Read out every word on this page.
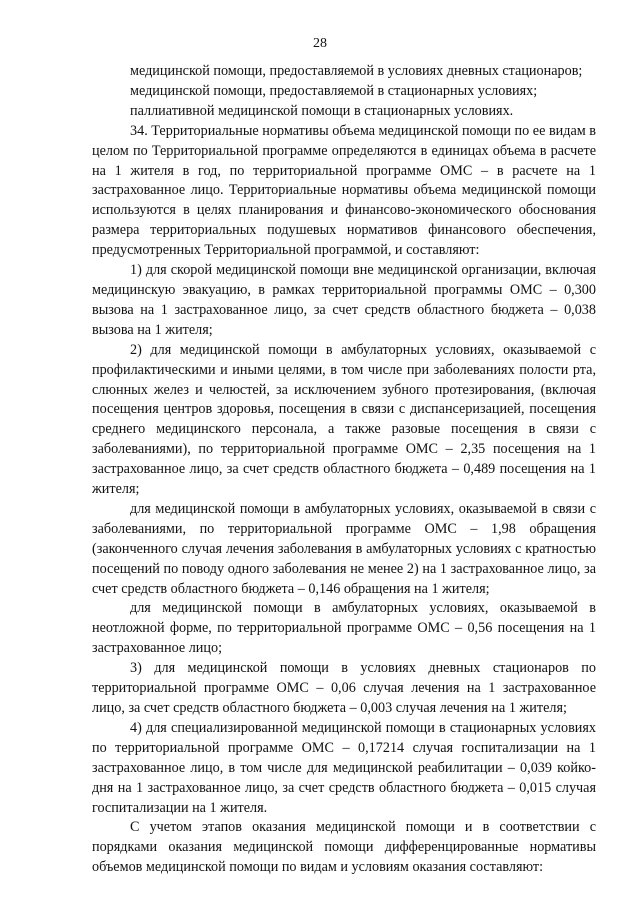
28

медицинской помощи, предоставляемой в условиях дневных стационаров;

медицинской помощи, предоставляемой в стационарных условиях;

паллиативной медицинской помощи в стационарных условиях.

34. Территориальные нормативы объема медицинской помощи по ее видам в целом по Территориальной программе определяются в единицах объема в расчете на 1 жителя в год, по территориальной программе ОМС – в расчете на 1 застрахованное лицо. Территориальные нормативы объема медицинской помощи используются в целях планирования и финансово-экономического обоснования размера территориальных подушевых нормативов финансового обеспечения, предусмотренных Территориальной программой, и составляют:

1) для скорой медицинской помощи вне медицинской организации, включая медицинскую эвакуацию, в рамках территориальной программы ОМС – 0,300 вызова на 1 застрахованное лицо, за счет средств областного бюджета – 0,038 вызова на 1 жителя;

2) для медицинской помощи в амбулаторных условиях, оказываемой с профилактическими и иными целями, в том числе при заболеваниях полости рта, слюнных желез и челюстей, за исключением зубного протезирования, (включая посещения центров здоровья, посещения в связи с диспансеризацией, посещения среднего медицинского персонала, а также разовые посещения в связи с заболеваниями), по территориальной программе ОМС – 2,35 посещения на 1 застрахованное лицо, за счет средств областного бюджета – 0,489 посещения на 1 жителя;

для медицинской помощи в амбулаторных условиях, оказываемой в связи с заболеваниями, по территориальной программе ОМС – 1,98 обращения (законченного случая лечения заболевания в амбулаторных условиях с кратностью посещений по поводу одного заболевания не менее 2) на 1 застрахованное лицо, за счет средств областного бюджета – 0,146 обращения на 1 жителя;

для медицинской помощи в амбулаторных условиях, оказываемой в неотложной форме, по территориальной программе ОМС – 0,56 посещения на 1 застрахованное лицо;

3) для медицинской помощи в условиях дневных стационаров по территориальной программе ОМС – 0,06 случая лечения на 1 застрахованное лицо, за счет средств областного бюджета – 0,003 случая лечения на 1 жителя;

4) для специализированной медицинской помощи в стационарных условиях по территориальной программе ОМС – 0,17214 случая госпитализации на 1 застрахованное лицо, в том числе для медицинской реабилитации – 0,039 койко-дня на 1 застрахованное лицо, за счет средств областного бюджета – 0,015 случая госпитализации на 1 жителя.

С учетом этапов оказания медицинской помощи и в соответствии с порядками оказания медицинской помощи дифференцированные нормативы объемов медицинской помощи по видам и условиям оказания составляют:
